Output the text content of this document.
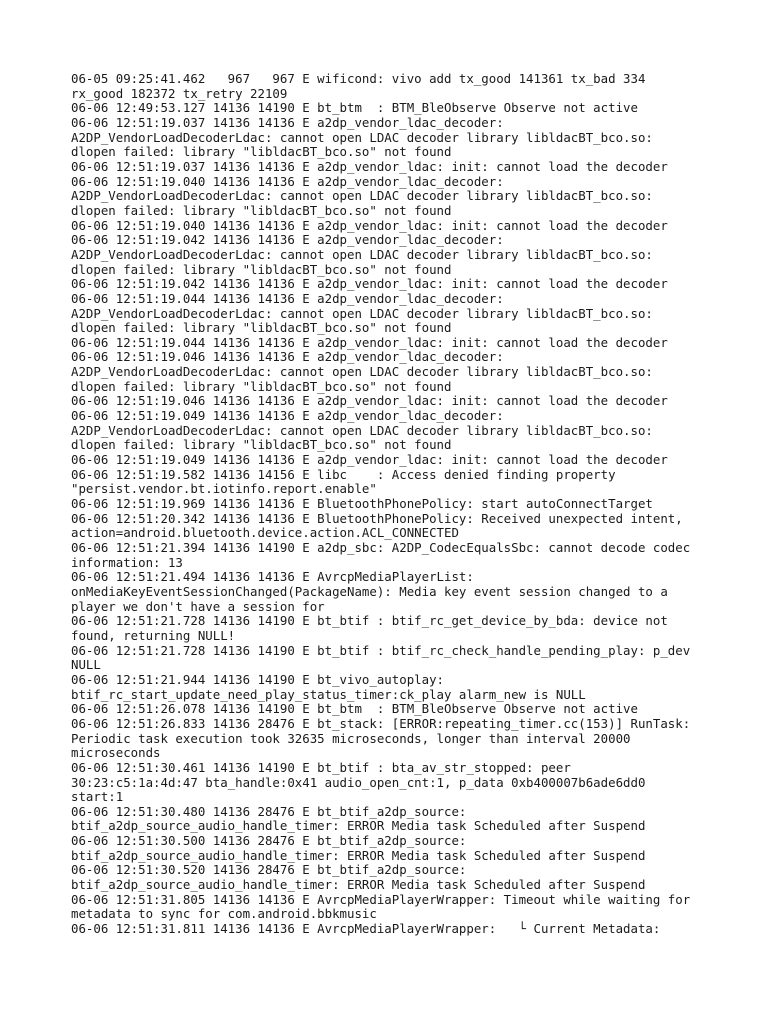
06-05 09:25:41.462   967   967 E wificond: vivo add tx_good 141361 tx_bad 334
rx_good 182372 tx_retry 22109
06-06 12:49:53.127 14136 14190 E bt_btm  : BTM_BleObserve Observe not active
06-06 12:51:19.037 14136 14136 E a2dp_vendor_ldac_decoder:
A2DP_VendorLoadDecoderLdac: cannot open LDAC decoder library libldacBT_bco.so:
dlopen failed: library "libldacBT_bco.so" not found
06-06 12:51:19.037 14136 14136 E a2dp_vendor_ldac: init: cannot load the decoder
06-06 12:51:19.040 14136 14136 E a2dp_vendor_ldac_decoder:
A2DP_VendorLoadDecoderLdac: cannot open LDAC decoder library libldacBT_bco.so:
dlopen failed: library "libldacBT_bco.so" not found
06-06 12:51:19.040 14136 14136 E a2dp_vendor_ldac: init: cannot load the decoder
06-06 12:51:19.042 14136 14136 E a2dp_vendor_ldac_decoder:
A2DP_VendorLoadDecoderLdac: cannot open LDAC decoder library libldacBT_bco.so:
dlopen failed: library "libldacBT_bco.so" not found
06-06 12:51:19.042 14136 14136 E a2dp_vendor_ldac: init: cannot load the decoder
06-06 12:51:19.044 14136 14136 E a2dp_vendor_ldac_decoder:
A2DP_VendorLoadDecoderLdac: cannot open LDAC decoder library libldacBT_bco.so:
dlopen failed: library "libldacBT_bco.so" not found
06-06 12:51:19.044 14136 14136 E a2dp_vendor_ldac: init: cannot load the decoder
06-06 12:51:19.046 14136 14136 E a2dp_vendor_ldac_decoder:
A2DP_VendorLoadDecoderLdac: cannot open LDAC decoder library libldacBT_bco.so:
dlopen failed: library "libldacBT_bco.so" not found
06-06 12:51:19.046 14136 14136 E a2dp_vendor_ldac: init: cannot load the decoder
06-06 12:51:19.049 14136 14136 E a2dp_vendor_ldac_decoder:
A2DP_VendorLoadDecoderLdac: cannot open LDAC decoder library libldacBT_bco.so:
dlopen failed: library "libldacBT_bco.so" not found
06-06 12:51:19.049 14136 14136 E a2dp_vendor_ldac: init: cannot load the decoder
06-06 12:51:19.582 14136 14156 E libc    : Access denied finding property
"persist.vendor.bt.iotinfo.report.enable"
06-06 12:51:19.969 14136 14136 E BluetoothPhonePolicy: start autoConnectTarget
06-06 12:51:20.342 14136 14136 E BluetoothPhonePolicy: Received unexpected intent,
action=android.bluetooth.device.action.ACL_CONNECTED
06-06 12:51:21.394 14136 14190 E a2dp_sbc: A2DP_CodecEqualsSbc: cannot decode codec
information: 13
06-06 12:51:21.494 14136 14136 E AvrcpMediaPlayerList:
onMediaKeyEventSessionChanged(PackageName): Media key event session changed to a
player we don't have a session for
06-06 12:51:21.728 14136 14190 E bt_btif : btif_rc_get_device_by_bda: device not
found, returning NULL!
06-06 12:51:21.728 14136 14190 E bt_btif : btif_rc_check_handle_pending_play: p_dev
NULL
06-06 12:51:21.944 14136 14190 E bt_vivo_autoplay:
btif_rc_start_update_need_play_status_timer:ck_play alarm_new is NULL
06-06 12:51:26.078 14136 14190 E bt_btm  : BTM_BleObserve Observe not active
06-06 12:51:26.833 14136 28476 E bt_stack: [ERROR:repeating_timer.cc(153)] RunTask:
Periodic task execution took 32635 microseconds, longer than interval 20000
microseconds
06-06 12:51:30.461 14136 14190 E bt_btif : bta_av_str_stopped: peer
30:23:c5:1a:4d:47 bta_handle:0x41 audio_open_cnt:1, p_data 0xb400007b6ade6dd0
start:1
06-06 12:51:30.480 14136 28476 E bt_btif_a2dp_source:
btif_a2dp_source_audio_handle_timer: ERROR Media task Scheduled after Suspend
06-06 12:51:30.500 14136 28476 E bt_btif_a2dp_source:
btif_a2dp_source_audio_handle_timer: ERROR Media task Scheduled after Suspend
06-06 12:51:30.520 14136 28476 E bt_btif_a2dp_source:
btif_a2dp_source_audio_handle_timer: ERROR Media task Scheduled after Suspend
06-06 12:51:31.805 14136 14136 E AvrcpMediaPlayerWrapper: Timeout while waiting for
metadata to sync for com.android.bbkmusic
06-06 12:51:31.811 14136 14136 E AvrcpMediaPlayerWrapper:   └ Current Metadata:
